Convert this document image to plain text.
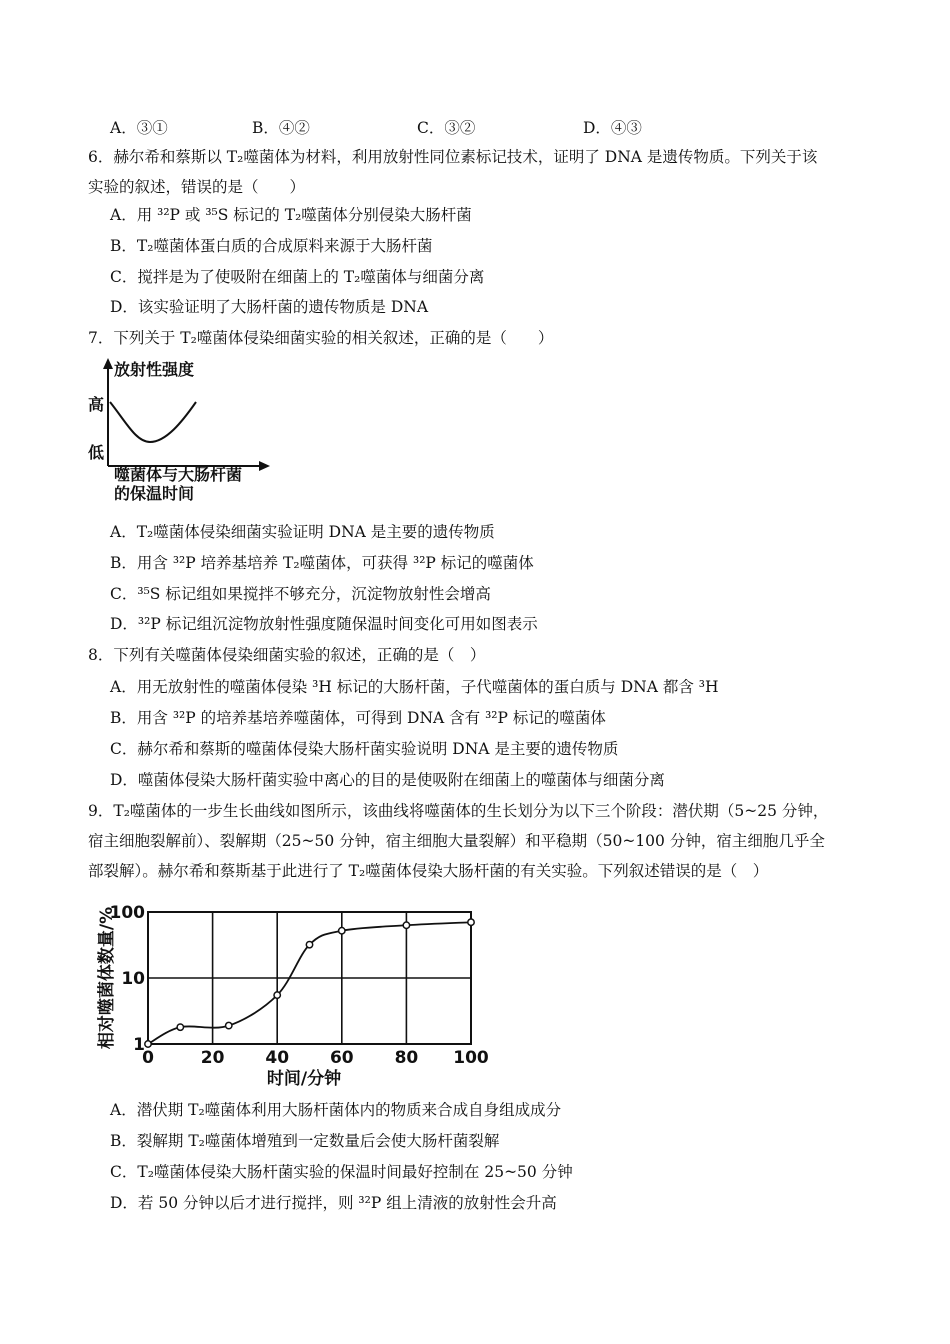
A．③①	B．④②	C．③②	D．④③
6．赫尔希和蔡斯以 T₂噬菌体为材料，利用放射性同位素标记技术，证明了 DNA 是遗传物质。下列关于该
实验的叙述，错误的是（　　）
A．用 ³²P 或 ³⁵S 标记的 T₂噬菌体分别侵染大肠杆菌
B．T₂噬菌体蛋白质的合成原料来源于大肠杆菌
C．搅拌是为了使吸附在细菌上的 T₂噬菌体与细菌分离
D．该实验证明了大肠杆菌的遗传物质是 DNA
7．下列关于 T₂噬菌体侵染细菌实验的相关叙述，正确的是（　　）
放射性强度
高
低
噬菌体与大肠杆菌
的保温时间
A．T₂噬菌体侵染细菌实验证明 DNA 是主要的遗传物质
B．用含 ³²P 培养基培养 T₂噬菌体，可获得 ³²P 标记的噬菌体
C．³⁵S 标记组如果搅拌不够充分，沉淀物放射性会增高
D．³²P 标记组沉淀物放射性强度随保温时间变化可用如图表示
8．下列有关噬菌体侵染细菌实验的叙述，正确的是（　）
A．用无放射性的噬菌体侵染 ³H 标记的大肠杆菌，子代噬菌体的蛋白质与 DNA 都含 ³H
B．用含 ³²P 的培养基培养噬菌体，可得到 DNA 含有 ³²P 标记的噬菌体
C．赫尔希和蔡斯的噬菌体侵染大肠杆菌实验说明 DNA 是主要的遗传物质
D．噬菌体侵染大肠杆菌实验中离心的目的是使吸附在细菌上的噬菌体与细菌分离
9．T₂噬菌体的一步生长曲线如图所示，该曲线将噬菌体的生长划分为以下三个阶段：潜伏期（5~25 分钟，
宿主细胞裂解前）、裂解期（25~50 分钟，宿主细胞大量裂解）和平稳期（50~100 分钟，宿主细胞几乎全
部裂解）。赫尔希和蔡斯基于此进行了 T₂噬菌体侵染大肠杆菌的有关实验。下列叙述错误的是（　）
0	20 40 60 80 100
1
10
100
相对噬菌体数量/%
时间/分钟
A．潜伏期 T₂噬菌体利用大肠杆菌体内的物质来合成自身组成成分
B．裂解期 T₂噬菌体增殖到一定数量后会使大肠杆菌裂解
C．T₂噬菌体侵染大肠杆菌实验的保温时间最好控制在 25~50 分钟
D．若 50 分钟以后才进行搅拌，则 ³²P 组上清液的放射性会升高
